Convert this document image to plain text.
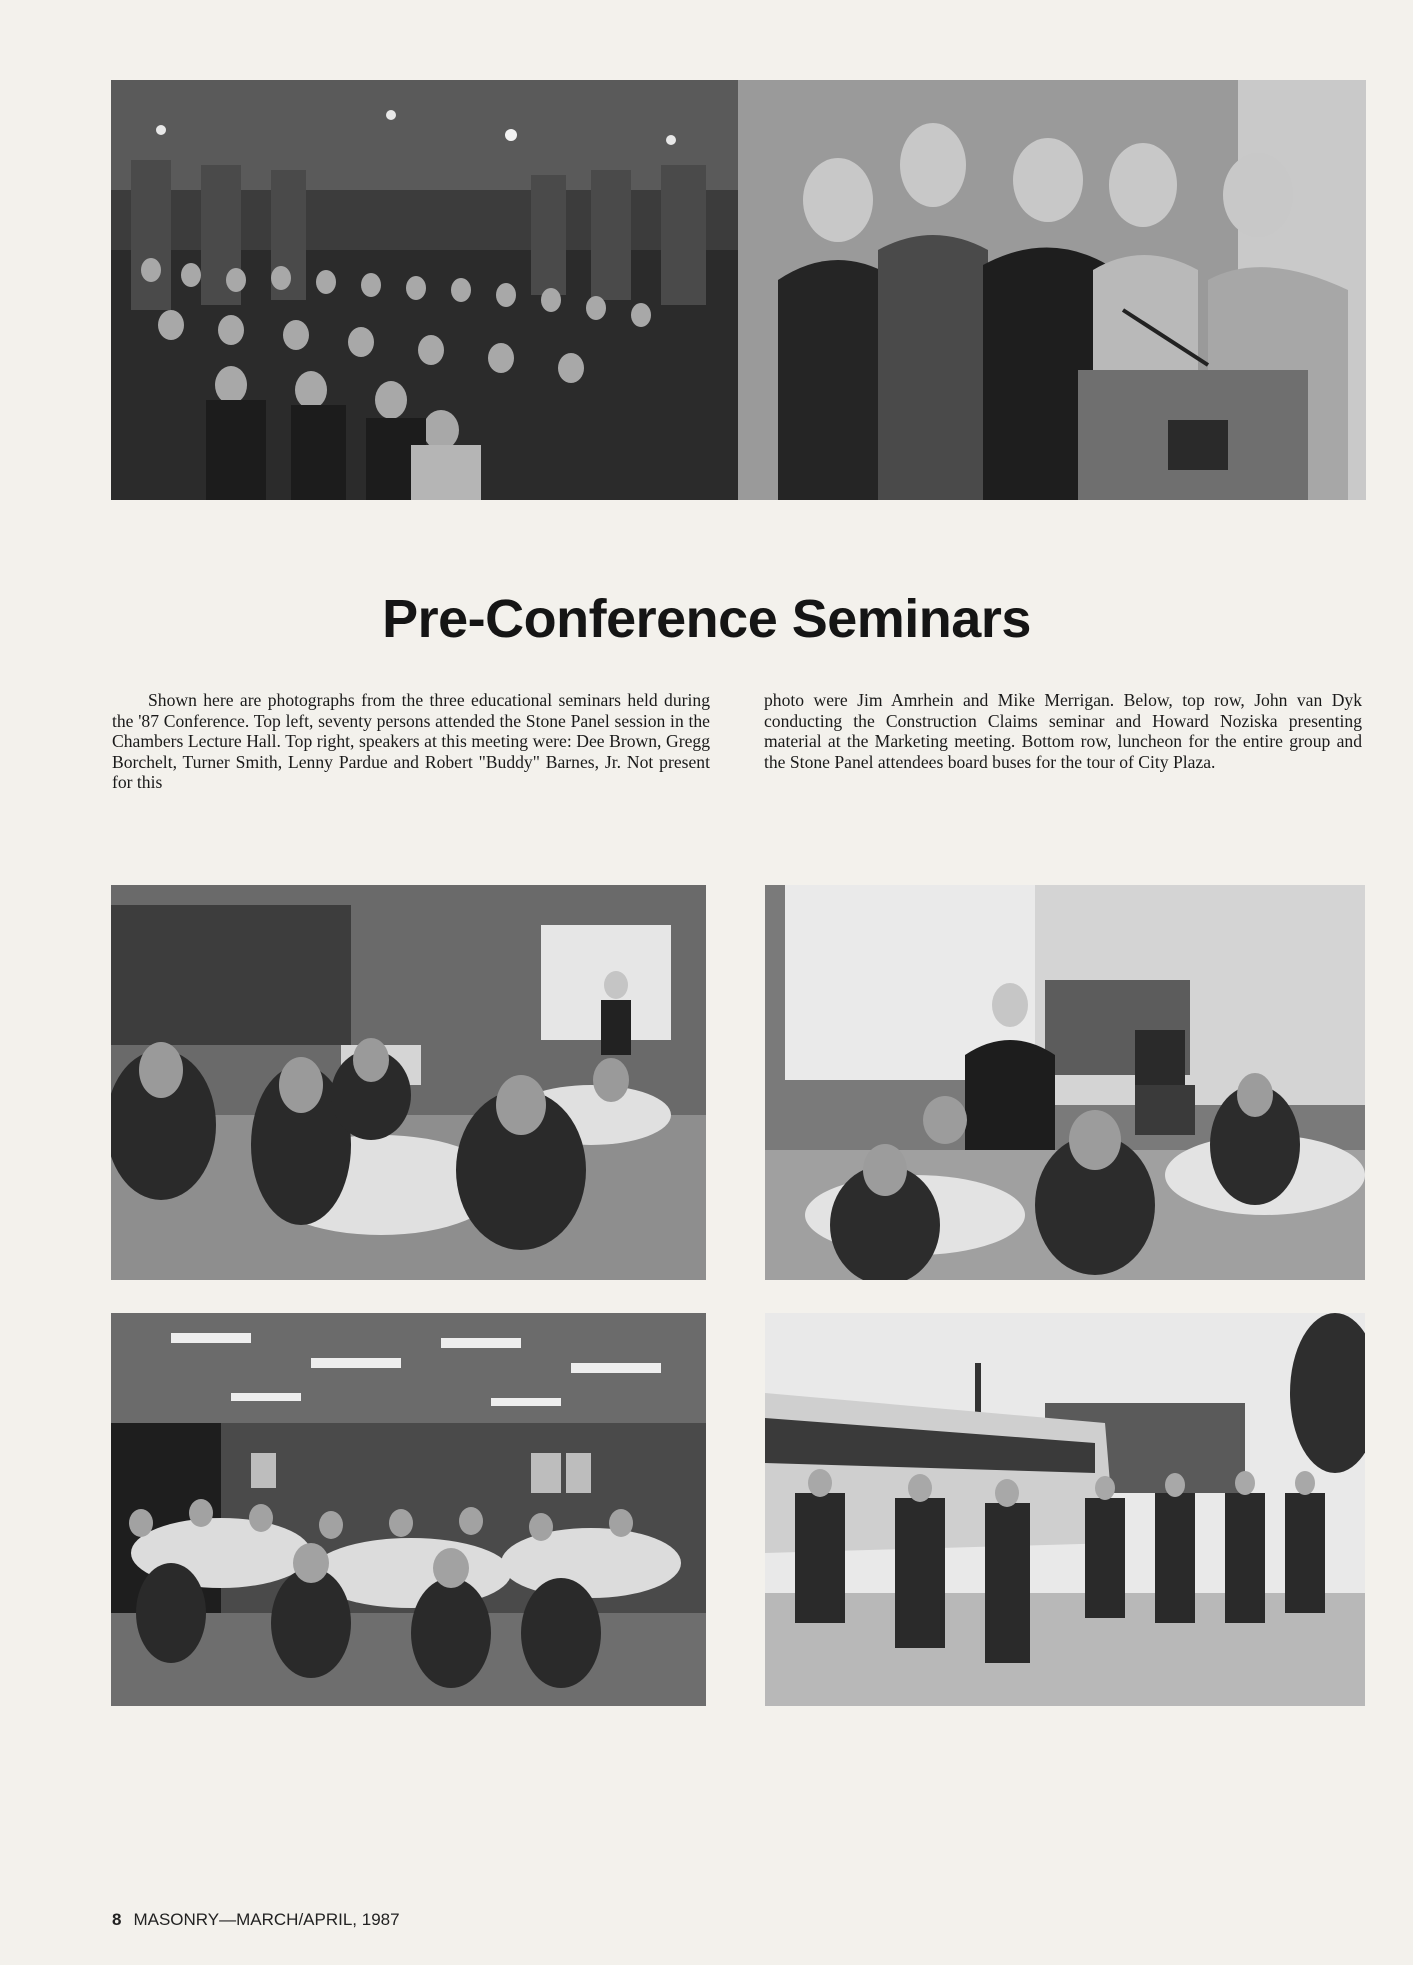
Pre-Conference Seminars

Shown here are photographs from the three educational seminars held during the '87 Conference. Top left, seventy persons attended the Stone Panel session in the Chambers Lecture Hall. Top right, speakers at this meeting were: Dee Brown, Gregg Borchelt, Turner Smith, Lenny Pardue and Robert "Buddy" Barnes, Jr. Not present for this

photo were Jim Amrhein and Mike Merrigan. Below, top row, John van Dyk conducting the Construction Claims seminar and Howard Noziska presenting material at the Marketing meeting. Bottom row, luncheon for the entire group and the Stone Panel attendees board buses for the tour of City Plaza.

8 MASONRY—MARCH/APRIL, 1987
